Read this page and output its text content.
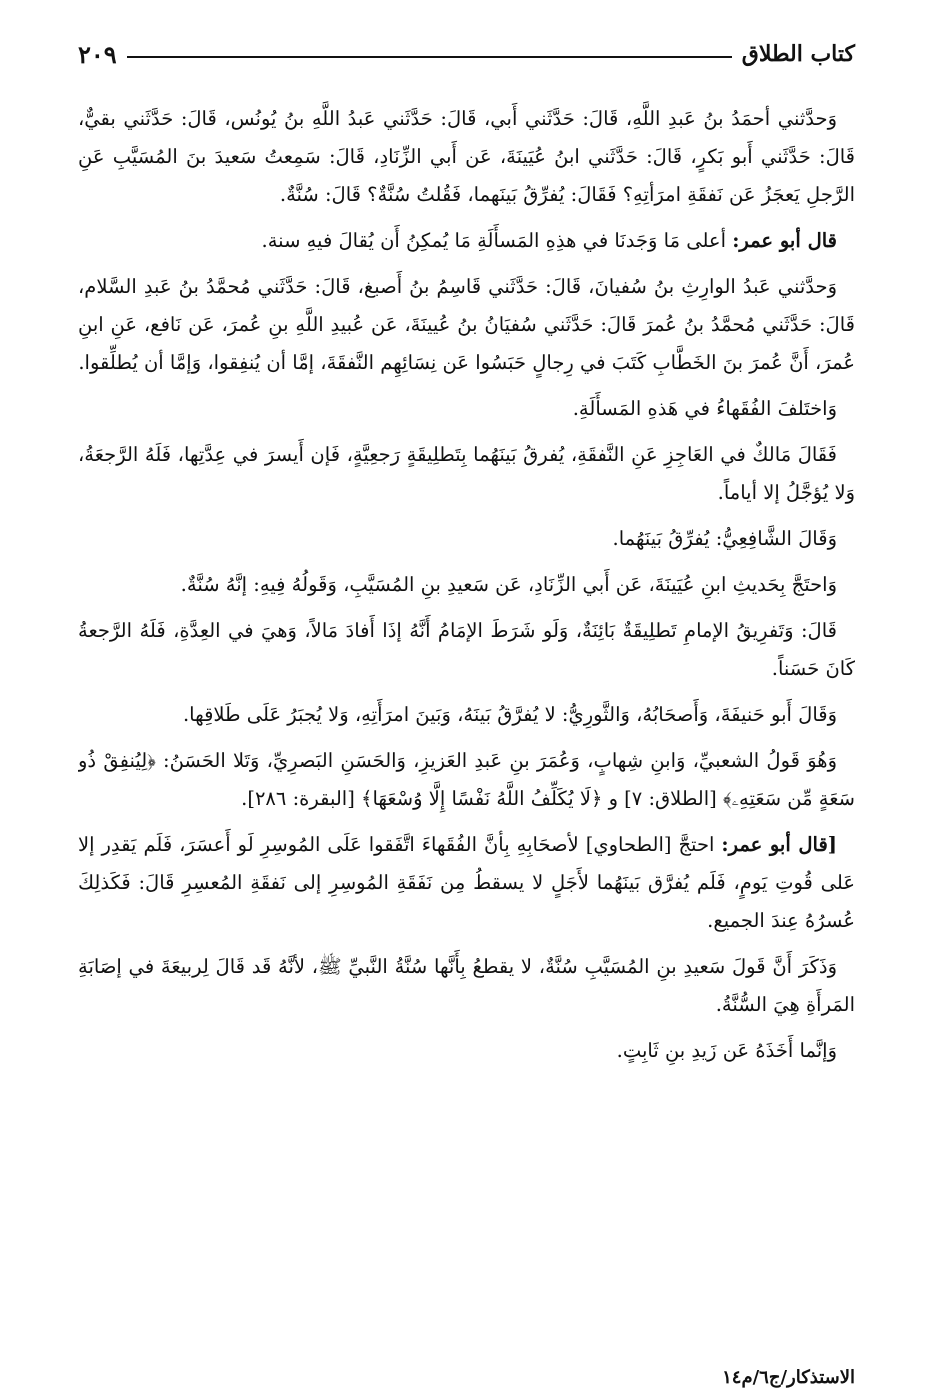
كتاب الطلاق
٢٠٩

وَحدَّثني أحمَدُ بنُ عَبدِ اللَّهِ، قَالَ: حَدَّثَني أَبي، قَالَ: حَدَّثَني عَبدُ اللَّهِ بنُ يُونُس، قَالَ: حَدَّثَني بقيٌّ، قَالَ: حَدَّثَني أَبو بَكرٍ، قَالَ: حَدَّثَني ابنُ عُيَينَةَ، عَن أَبي الزِّنَادِ، قَالَ: سَمِعتُ سَعيدَ بنَ المُسَيَّبِ عَنِ الرَّجلِ يَعجَزُ عَن نَفقَةِ امرَأتِهِ؟ فَقَالَ: يُفرِّقُ بَينَهما، فَقُلتُ سُنَّةٌ؟ قَالَ: سُنَّةٌ.

قال أبو عمر: أعلى مَا وَجَدنَا في هذِهِ المَسأَلَةِ مَا يُمكِنُ أَن يُقالَ فيهِ سنة.

وَحدَّثني عَبدُ الوارِثِ بنُ سُفيانَ، قَالَ: حَدَّثَني قَاسِمُ بنُ أَصبغ، قَالَ: حَدَّثَني مُحمَّدُ بنُ عَبدِ السَّلام، قَالَ: حَدَّثَني مُحمَّدُ بنُ عُمرَ قَالَ: حَدَّثَني سُفيَانُ بنُ عُيينَةَ، عَن عُبيدِ اللَّهِ بنِ عُمرَ، عَن نَافع، عَنِ ابنِ عُمرَ، أَنَّ عُمرَ بنَ الخَطَّابِ كَتَبَ في رِجالٍ حَبَسُوا عَن نِسَائِهِم النَّفقَةَ، إمَّا أن يُنفِقوا، وَإمَّا أن يُطلِّقوا.

وَاختَلفَ الفُقَهاءُ في هَذهِ المَسأَلَةِ.

فَقَالَ مَالكٌ في العَاجِزِ عَنِ النَّفقَةِ، يُفرقُ بَينَهُما بِتَطلِيقَةٍ رَجعِيَّةٍ، فَإن أَيسرَ في عِدَّتِها، فَلَهُ الرَّجعَةُ، وَلا يُؤجَّلُ إلا أياماً.

وَقَالَ الشَّافِعِيُّ: يُفرِّقُ بَينَهُما.

وَاحتَجَّ بِحَديثِ ابنِ عُيَينَةَ، عَن أَبي الزِّنَادِ، عَن سَعيدِ بنِ المُسَيَّبِ، وَقَولُهُ فِيهِ: إنَّهُ سُنَّةٌ.

قَالَ: وَتَفرِيقُ الإمامِ تَطلِيقَةٌ بَائِنَةٌ، وَلَو شَرَطَ الإمَامُ أَنَّهُ إذَا أَفادَ مَالاً، وَهيَ في العِدَّةِ، فَلَهُ الرَّجعةُ كَانَ حَسَناً.

وَقَالَ أَبو حَنيفَةَ، وَأَصحَابُهُ، وَالثَّورِيُّ: لا يُفرَّقُ بَينَهُ، وَبَينَ امرَأَتِهِ، وَلا يُجبَرُ عَلَى طَلاقِها.

وَهُوَ قَولُ الشعبيِّ، وَابنِ شِهابٍ، وَعُمَرَ بنِ عَبدِ العَزيزِ، وَالحَسَنِ البَصرِيِّ، وَتَلا الحَسَنُ: ﴿لِيُنفِقْ ذُو سَعَةٍ مِّن سَعَتِهِۦ﴾ [الطلاق: ٧] و ﴿لَا يُكَلِّفُ اللَّهُ نَفْسًا إِلَّا وُسْعَهَا﴾ [البقرة: ٢٨٦].

[قال أبو عمر: احتجَّ [الطحاوي] لأصحَابِهِ بِأنَّ الفُقَهاءَ اتَّفَقوا عَلَى المُوسِرِ لَو أَعسَرَ، فَلَم يَقدِر إلا عَلى قُوتِ يَومٍ، فَلَم يُفرَّق بَينَهُما لأَجَلٍ لا يسقطُ مِن نَفَقَةِ المُوسِرِ إلى نَفقَةِ المُعسِرِ قَالَ: فَكَذلِكَ عُسرُهُ عِندَ الجميع.

وَذَكَرَ أَنَّ قَولَ سَعيدِ بنِ المُسَيَّبِ سُنَّةٌ، لا يقطعُ بِأَنَّها سُنَّةُ النَّبيِّ ﷺ، لأنَّهُ قَد قَالَ لِربيعَةَ في إصَابَةِ المَرأَةِ هِيَ السُّنَّةُ.

وَإنَّما أَخَذَهُ عَن زَيدِ بنِ ثَابِتٍ.

الاستذكار/ج٦/م١٤
